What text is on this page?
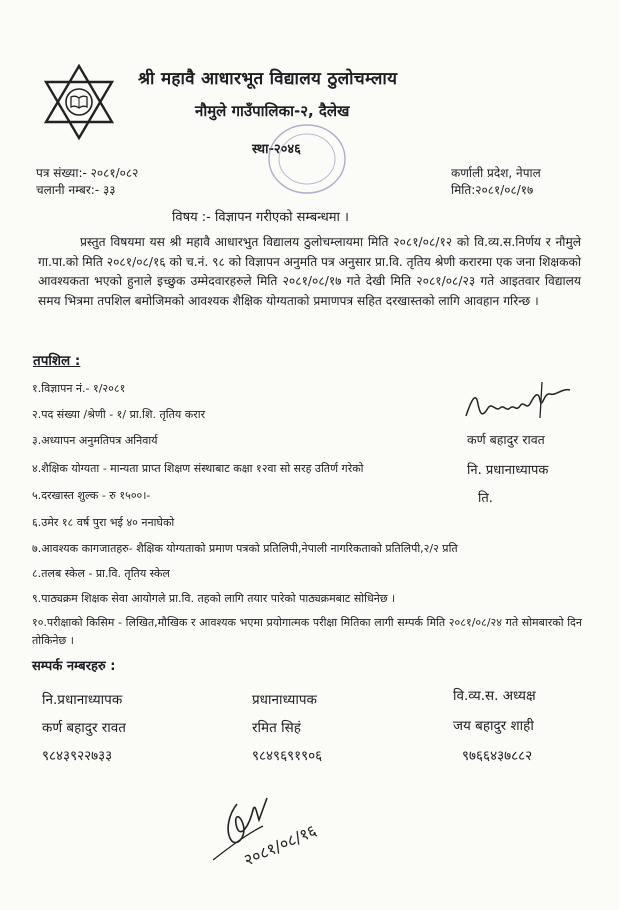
श्री महावै आधारभूत विद्यालय ठुलोचम्लाय
नौमुले गाउँपालिका-२, दैलेख
स्था-२०४६
पत्र संख्या:- २०८१/०८२
चलानी नम्बर:- ३३
कर्णाली प्रदेश, नेपाल
मिति:२०८१/०८/१७
विषय :- विज्ञापन गरीएको सम्बन्धमा ।
प्रस्तुत विषयमा यस श्री महावै आधारभुत विद्यालय ठुलोचम्लायमा मिति २०८१/०८/१२ को वि.व्य.स.निर्णय र नौमुले गा.पा.को मिति २०८१/०८/१६ को च.नं. ९८ को विज्ञापन अनुमति पत्र अनुसार प्रा.वि. तृतिय श्रेणी करारमा एक जना शिक्षकको आवश्यकता भएको हुनाले इच्छुक उम्मेदवारहरुले मिति २०८१/०८/१७ गते देखी मिति २०८१/०८/२३ गते आइतवार विद्यालय समय भित्रमा तपशिल बमोजिमको आवश्यक शैक्षिक योग्यताको प्रमाणपत्र सहित दरखास्तको लागि आवहान गरिन्छ ।
तपशिल :
१.विज्ञापन नं.- १/२०८१
२.पद संख्या /श्रेणी - १/ प्रा.शि. तृतिय करार
३.अध्यापन अनुमतिपत्र अनिवार्य
४.शैक्षिक योग्यता - मान्यता प्राप्त शिक्षण संस्थाबाट कक्षा १२वा सो सरह उतिर्ण गरेको
५.दरखास्त शुल्क - रु १५००।-
६.उमेर १८ वर्ष पुरा भई ४० ननाघेको
७.आवश्यक कागजातहरु- शैक्षिक योग्यताको प्रमाण पत्रको प्रतिलिपी,नेपाली नागरिकताको प्रतिलिपी,२/२ प्रति
८.तलब स्केल - प्रा.वि. तृतिय स्केल
९.पाठ्यक्रम शिक्षक सेवा आयोगले प्रा.वि. तहको लागि तयार पारेको पाठ्यक्रमबाट सोधिनेछ ।
१०.परीक्षाको किसिम - लिखित,मौखिक र आवश्यक भएमा प्रयोगात्मक परीक्षा मितिका लागी सम्पर्क मिति २०८१/०८/२४ गते सोमबारको दिन तोकिनेछ ।
कर्ण बहादुर रावत
नि. प्रधानाध्यापक
ति.
सम्पर्क नम्बरहरु :
नि.प्रधानाध्यापक
कर्ण बहादुर रावत
९८४३९२२७३३
प्रधानाध्यापक
रमित सिहं
९८४९६९१९०६
वि.व्य.स. अध्यक्ष
जय बहादुर शाही
९७६६४३७८८२
२०८१/०८/१६
